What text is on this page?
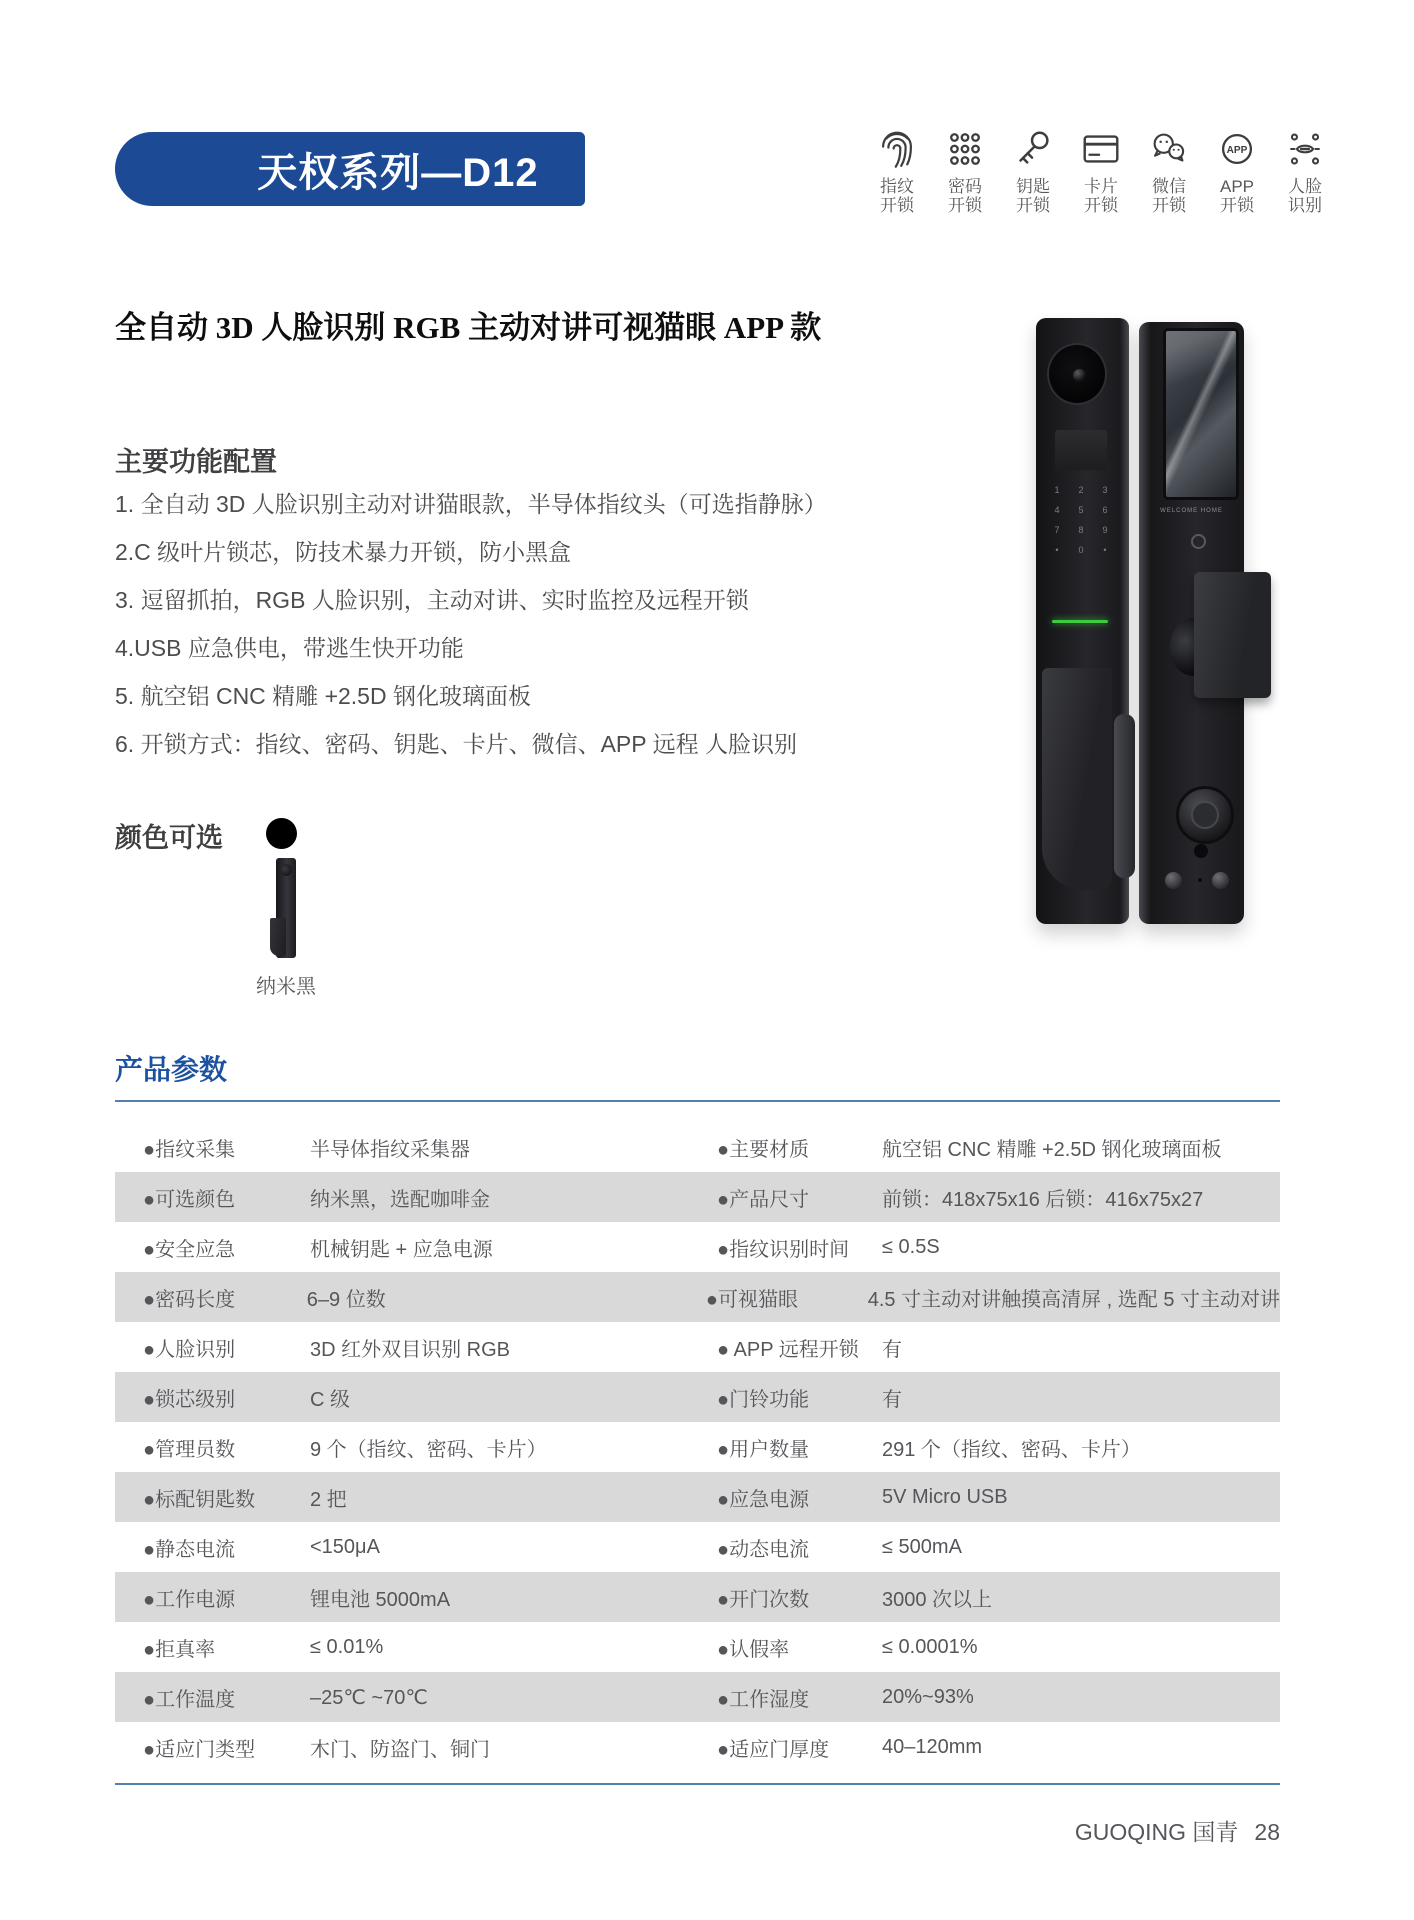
天权系列—D12	指纹
开锁
密码
开锁
钥匙
开锁
卡片
开锁
微信
开锁
APP
APP
开锁
人脸
识别
全自动 3D 人脸识别 RGB 主动对讲可视猫眼 APP 款
主要功能配置
1. 全自动 3D 人脸识别主动对讲猫眼款，半导体指纹头（可选指静脉）
2.C 级叶片锁芯，防技术暴力开锁，防小黑盒
3. 逗留抓拍，RGB 人脸识别，主动对讲、实时监控及远程开锁
4.USB 应急供电，带逃生快开功能
5. 航空铝 CNC 精雕 +2.5D 钢化玻璃面板
6. 开锁方式：指纹、密码、钥匙、卡片、微信、APP 远程 人脸识别
颜色可选
纳米黑
1	2	3
4	5	6
7	8	9
•	0	•
WELCOME HOME
产品参数
●指纹采集	半导体指纹采集器	●主要材质	航空铝 CNC 精雕 +2.5D 钢化玻璃面板
●可选颜色	纳米黑，选配咖啡金	●产品尺寸	前锁：418x75x16 后锁：416x75x27
●安全应急	机械钥匙 + 应急电源	●指纹识别时间	≤ 0.5S
●密码长度	6–9 位数	●可视猫眼	4.5 寸主动对讲触摸高清屏 , 选配 5 寸主动对讲
●人脸识别	3D 红外双目识别 RGB	● APP 远程开锁	有
●锁芯级别	C 级	●门铃功能	有
●管理员数	9 个（指纹、密码、卡片）	●用户数量	291 个（指纹、密码、卡片）
●标配钥匙数	2 把	●应急电源	5V Micro USB
●静态电流	<150μA	●动态电流	≤ 500mA
●工作电源	锂电池 5000mA	●开门次数	3000 次以上
●拒真率	≤ 0.01%	●认假率	≤ 0.0001%
●工作温度	–25℃ ~70℃	●工作湿度	20%~93%
●适应门类型	木门、防盗门、铜门	●适应门厚度	40–120mm
GUOQING 国青 28
